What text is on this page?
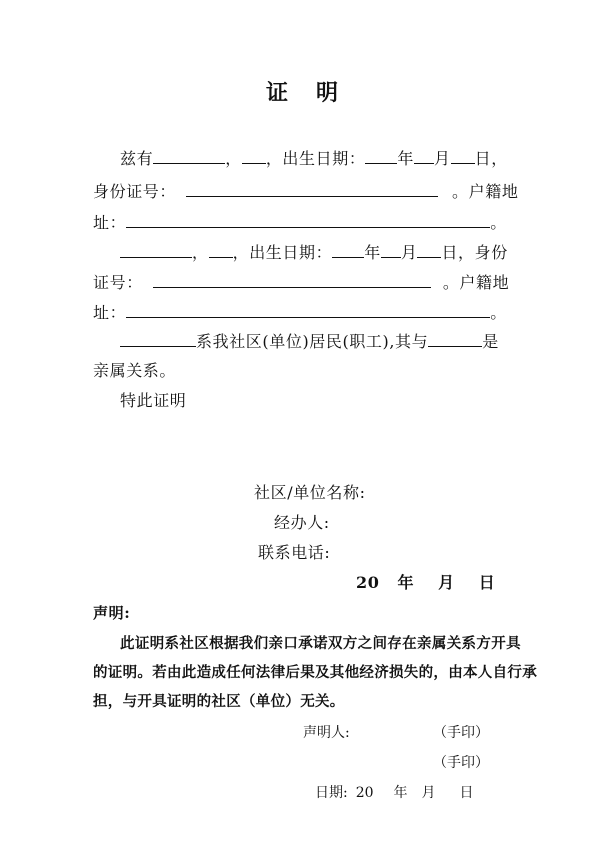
证 明
兹有	， ，出生日期： 年 月 日，
身份证号：	。户籍地
址：	。
， ，出生日期： 年 月 日，身份
证号：	。户籍地
址：	。
系我社区(单位)居民(职工),其与	是
亲属关系。
特此证明
社区/单位名称:
经办人:
联系电话:
20 年 月 日
声明:
此证明系社区根据我们亲口承诺双方之间存在亲属关系方开具
的证明。若由此造成任何法律后果及其他经济损失的，由本人自行承
担，与开具证明的社区（单位）无关。
声明人:	（手印）
（手印）
日期: 20 年 月 日
